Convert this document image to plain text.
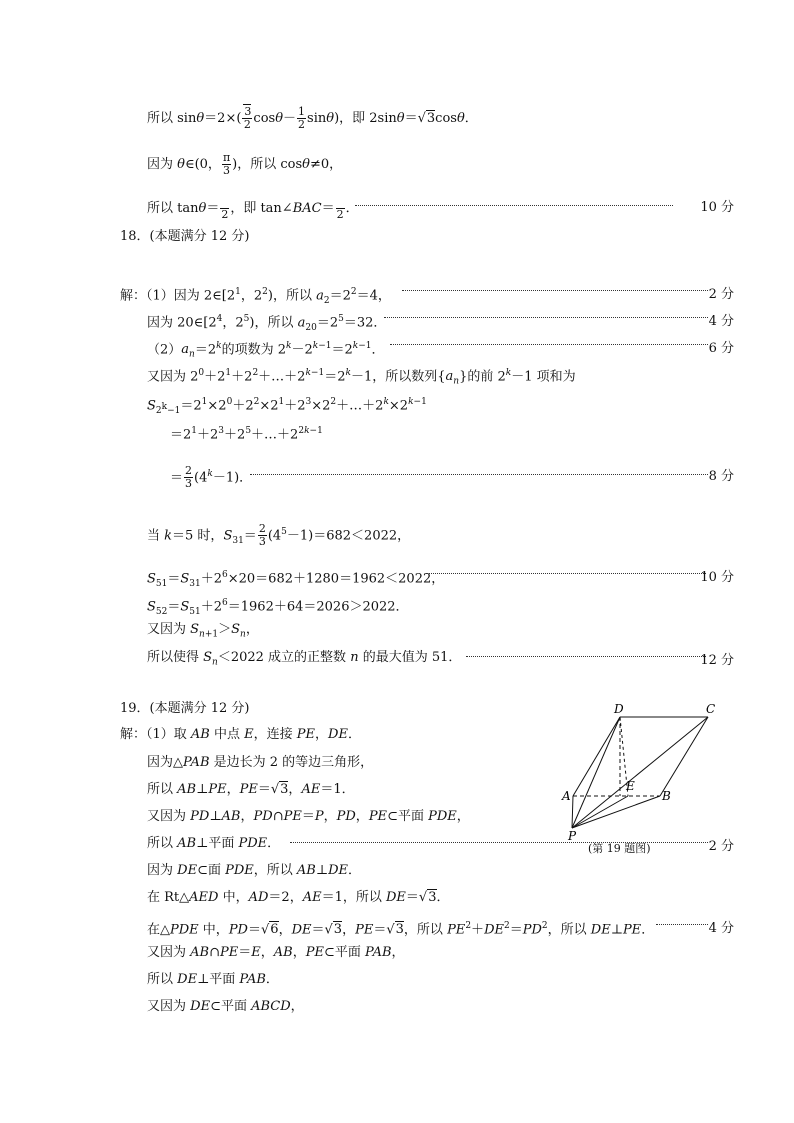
所以 $\sin\theta=2\times( \frac{3}{2} \cos\theta- \frac{1}{2} \sin\theta)$，即 2sinθ＝√3cosθ．
因为 θ∈(0， $\frac{\pi}{3}$ )，所以 cosθ≠0，
所以 tanθ＝
2 ，即 tan∠BAC＝
2 ．	10 分
18．(本题满分 12 分)
解：（1）因为 $2\in[2^1$，$2^2$)，所以 $a_2=2^2=4$，	2 分
因为 $20\in[2^4$，$2^5$)，所以 $a_{20}=2^5=32$．	4 分
$(2)a_n=2^k$的项数为 $2^k-2^{k-1}=2^{k-1}$．	6 分
又因为 $2^0+2^1+2^2+\dots+2^{k-1}=2^k-1$，所以数列$\{a_n\}$的前 $2^k-1$ 项和为
$S_{2^k-1}=2^1\times 2^0+2^2\times 2^1+2^3\times 2^2+\dots+2^k\times 2^{k-1}$
$=2^1+2^3+2^5+\dots+2^{2k-1}$
＝ $\frac{2}{3} (4^k-1)$．	8 分
当 k＝5 时，$S_{31}= \frac{2}{3} (4^5-1)=682<2022$，
$S_{51}=S_{31}+2^6\times 20=682+1280=1962<2022$，	10 分
$S_{52}=S_{51}+2^6=1962+64=2026>2022$．
又因为 $S_{n+1}>S_n$，
所以使得 $S_n<2022$ 成立的正整数 n 的最大值为 51．	12 分
19．(本题满分 12 分)
解：（1）取 AB 中点 E，连接 PE，DE．
因为△PAB 是边长为 2 的等边三角形，
所以 AB⊥PE，PE＝√3，AE＝1．
又因为 PD⊥AB，PD∩PE＝P，PD，PE⊂平面 PDE，
所以 AB⊥平面 PDE．	2 分
因为 DE⊂面 PDE，所以 AB⊥DE．
在 Rt△AED 中，AD＝2，AE＝1，所以 DE＝√3．
在△PDE 中，PD＝√6，DE＝√3，PE＝√3，所以 $PE^2+DE^2=PD^2$，所以 DE⊥PE．	4 分
又因为 AB∩PE＝E，AB，PE⊂平面 PAB，
所以 DE⊥平面 PAB．
又因为 DE⊂平面 ABCD，
D	C
A	B
E
P
(第 19 题图)
